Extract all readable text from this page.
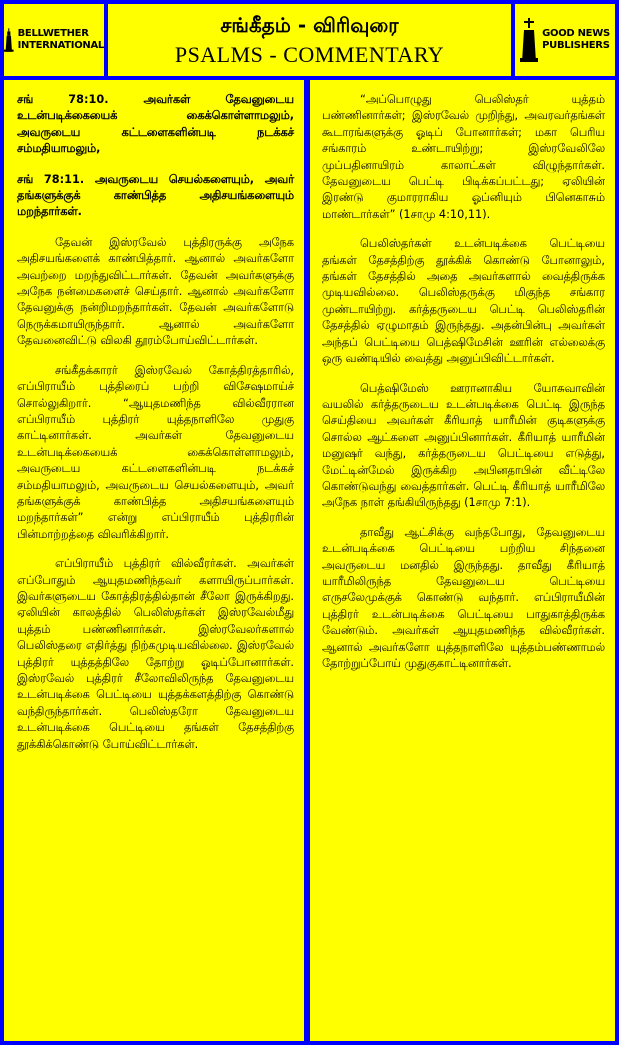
BELLWETHER
INTERNATIONAL
சங்கீதம் - விரிவுரை
PSALMS - COMMENTARY
GOOD NEWS
PUBLISHERS

சங் 78:10. அவர்கள் தேவனுடைய உடன்படிக்கையைக் கைக்கொள்ளாமலும், அவருடைய கட்டளைகளின்படி நடக்கச் சம்மதியாமலும்,

சங் 78:11. அவருடைய செயல்களையும், அவர் தங்களுக்குக் காண்பித்த அதிசயங்களையும் மறந்தார்கள்.

தேவன் இஸ்ரவேல் புத்திரருக்கு அநேக அதிசயங்களைக் காண்பித்தார். ஆனால் அவர்களோ அவற்றை மறந்துவிட்டார்கள். தேவன் அவர்களுக்கு அநேக நன்மைகளைச் செய்தார். ஆனால் அவர்களோ தேவனுக்கு நன்றிமறந்தார்கள். தேவன் அவர்களோடு நெருக்கமாயிருந்தார். ஆனால் அவர்களோ தேவனைவிட்டு விலகி தூரம்போய்விட்டார்கள்.

சங்கீதக்காரர் இஸ்ரவேல் கோத்திரத்தாரில், எப்பிராயீம் புத்திரைப் பற்றி விசேஷமாய்ச் சொல்லுகிறார். “ஆயுதமணிந்த வில்வீரரான எப்பிராயீம் புத்திரர் யுத்தநாளிலே முதுகு காட்டினார்கள். அவர்கள் தேவனுடைய உடன்படிக்கையைக் கைக்கொள்ளாமலும், அவருடைய கட்டளைகளின்படி நடக்கச் சம்மதியாமலும், அவருடைய செயல்களையும், அவர் தங்களுக்குக் காண்பித்த அதிசயங்களையும் மறந்தார்கள்” என்று எப்பிராயீம் புத்திரரின் பின்மாற்றத்தை விவரிக்கிறார்.

எப்பிராயீம் புத்திரர் வில்வீரர்கள். அவர்கள் எப்போதும் ஆயுதமணிந்தவர் களாயிருப்பார்கள். இவர்களுடைய கோத்திரத்தில்தான் சீலோ இருக்கிறது. ஏலியின் காலத்தில் பெலிஸ்தர்கள் இஸ்ரவேல்மீது யுத்தம் பண்ணினார்கள். இஸ்ரவேலர்களால் பெலிஸ்தரை எதிர்த்து நிற்கமுடியவில்லை. இஸ்ரவேல் புத்திரர் யுத்தத்திலே தோற்று ஓடிப்போனார்கள். இஸ்ரவேல் புத்திரர் சீலோவிலிருந்த தேவனுடைய உடன்படிக்கை பெட்டியை யுத்தக்களத்திற்கு கொண்டு வந்திருந்தார்கள். பெலிஸ்தரோ தேவனுடைய உடன்படிக்கை பெட்டியை தங்கள் தேசத்திற்கு தூக்கிக்கொண்டு போய்விட்டார்கள்.

“அப்பொழுது பெலிஸ்தர் யுத்தம் பண்ணினார்கள்; இஸ்ரவேல் முறிந்து, அவரவர்தங்கள் கூடாரங்களுக்கு ஓடிப் போனார்கள்; மகா பெரிய சங்காரம் உண்டாயிற்று; இஸ்ரவேலிலே முப்பதினாயிரம் காலாட்கள் விழுந்தார்கள். தேவனுடைய பெட்டி பிடிக்கப்பட்டது; ஏலியின் இரண்டு குமாரராகிய ஓப்னியும் பினெகாசும் மாண்டார்கள்” (1சாமு 4:10,11).

பெலிஸ்தர்கள் உடன்படிக்கை பெட்டியை தங்கள் தேசத்திற்கு தூக்கிக் கொண்டு போனாலும், தங்கள் தேசத்தில் அதை அவர்களால் வைத்திருக்க முடியவில்லை. பெலிஸ்தருக்கு மிகுந்த சங்கார முண்டாயிற்று. கர்த்தருடைய பெட்டி பெலிஸ்தரின் தேசத்தில் ஏழுமாதம் இருந்தது. அதன்பின்பு அவர்கள் அந்தப் பெட்டியை பெத்ஷிமேசின் ஊரின் எல்லைக்கு ஒரு வண்டியில் வைத்து அனுப்பிவிட்டார்கள்.

பெத்ஷிமேஸ் ஊரானாகிய யோசுவாவின் வயலில் கர்த்தருடைய உடன்படிக்கை பெட்டி இருந்த செய்தியை அவர்கள் கீரியாத் யாரீமின் குடிகளுக்கு சொல்ல ஆட்களை அனுப்பினார்கள். கீரியாத் யாரீமின் மனுஷர் வந்து, கர்த்தருடைய பெட்டியை எடுத்து, மேட்டின்மேல் இருக்கிற அபினதாபின் வீட்டிலே கொண்டுவந்து வைத்தார்கள். பெட்டி கீரியாத் யாரீமிலே அநேக நாள் தங்கியிருந்தது (1சாமு 7:1).

தாவீது ஆட்சிக்கு வந்தபோது, தேவனுடைய உடன்படிக்கை பெட்டியை பற்றிய சிந்தனை அவருடைய மனதில் இருந்தது. தாவீது கீரியாத் யாரீமிலிருந்த தேவனுடைய பெட்டியை எருசலேமுக்குக் கொண்டு வந்தார். எப்பிராயீமின் புத்திரர் உடன்படிக்கை பெட்டியை பாதுகாத்திருக்க வேண்டும். அவர்கள் ஆயுதமணிந்த வில்வீரர்கள். ஆனால் அவர்களோ யுத்தநாளிலே யுத்தம்பண்ணாமல் தோற்றுப்போய் முதுகுகாட்டினார்கள்.
